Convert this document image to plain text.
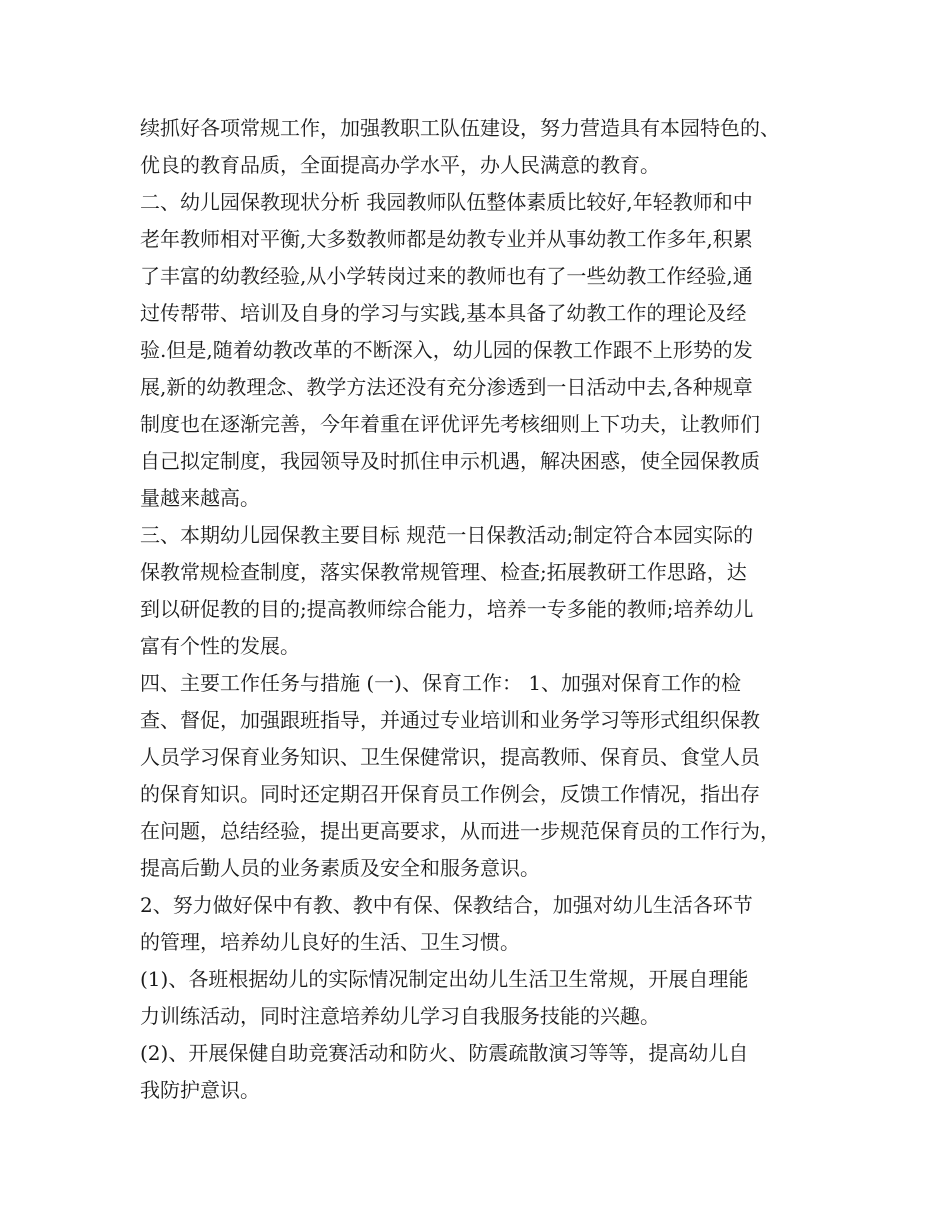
续抓好各项常规工作，加强教职工队伍建设，努力营造具有本园特色的、
优良的教育品质，全面提高办学水平，办人民满意的教育。
二、幼儿园保教现状分析 我园教师队伍整体素质比较好,年轻教师和中
老年教师相对平衡,大多数教师都是幼教专业并从事幼教工作多年,积累
了丰富的幼教经验,从小学转岗过来的教师也有了一些幼教工作经验,通
过传帮带、培训及自身的学习与实践,基本具备了幼教工作的理论及经
验.但是,随着幼教改革的不断深入，幼儿园的保教工作跟不上形势的发
展,新的幼教理念、教学方法还没有充分渗透到一日活动中去,各种规章
制度也在逐渐完善，今年着重在评优评先考核细则上下功夫，让教师们
自己拟定制度，我园领导及时抓住申示机遇，解决困惑，使全园保教质
量越来越高。
三、本期幼儿园保教主要目标 规范一日保教活动;制定符合本园实际的
保教常规检查制度，落实保教常规管理、检查;拓展教研工作思路，达
到以研促教的目的;提高教师综合能力，培养一专多能的教师;培养幼儿
富有个性的发展。
四、主要工作任务与措施 (一)、保育工作： 1、加强对保育工作的检
查、督促，加强跟班指导，并通过专业培训和业务学习等形式组织保教
人员学习保育业务知识、卫生保健常识，提高教师、保育员、食堂人员
的保育知识。同时还定期召开保育员工作例会，反馈工作情况，指出存
在问题，总结经验，提出更高要求，从而进一步规范保育员的工作行为，
提高后勤人员的业务素质及安全和服务意识。
2、努力做好保中有教、教中有保、保教结合，加强对幼儿生活各环节
的管理，培养幼儿良好的生活、卫生习惯。
(1)、各班根据幼儿的实际情况制定出幼儿生活卫生常规，开展自理能
力训练活动，同时注意培养幼儿学习自我服务技能的兴趣。
(2)、开展保健自助竞赛活动和防火、防震疏散演习等等，提高幼儿自
我防护意识。
